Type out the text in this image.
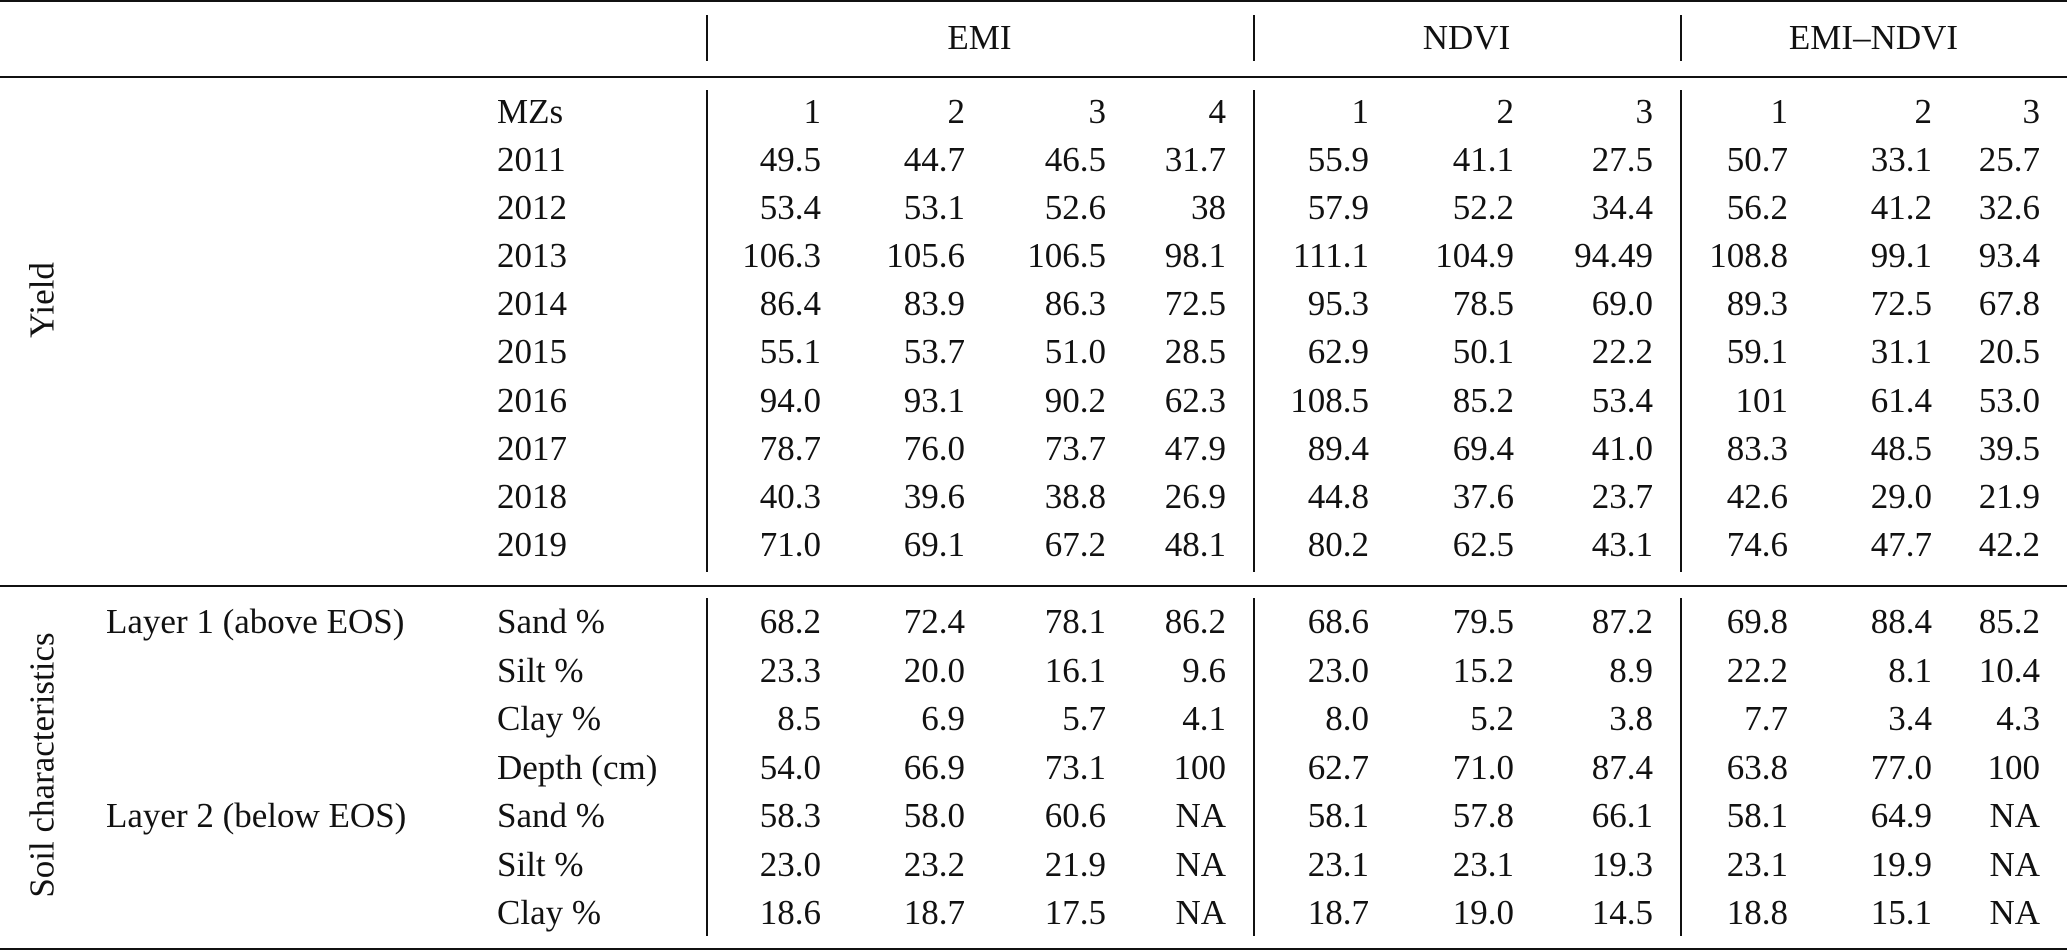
EMI	NDVI	EMI–NDVI
Yield
Soil characteristics
MZs	1	2	3	4	1	2	3	1	2	3
2011	49.5	44.7	46.5	31.7	55.9	41.1	27.5	50.7	33.1	25.7
2012	53.4	53.1	52.6	38	57.9	52.2	34.4	56.2	41.2	32.6
2013	106.3	105.6	106.5	98.1	111.1	104.9	94.49	108.8	99.1	93.4
2014	86.4	83.9	86.3	72.5	95.3	78.5	69.0	89.3	72.5	67.8
2015	55.1	53.7	51.0	28.5	62.9	50.1	22.2	59.1	31.1	20.5
2016	94.0	93.1	90.2	62.3	108.5	85.2	53.4	101	61.4	53.0
2017	78.7	76.0	73.7	47.9	89.4	69.4	41.0	83.3	48.5	39.5
2018	40.3	39.6	38.8	26.9	44.8	37.6	23.7	42.6	29.0	21.9
2019	71.0	69.1	67.2	48.1	80.2	62.5	43.1	74.6	47.7	42.2
Layer 1 (above EOS)	Sand %	68.2	72.4	78.1	86.2	68.6	79.5	87.2	69.8	88.4	85.2
Silt %	23.3	20.0	16.1	9.6	23.0	15.2	8.9	22.2	8.1	10.4
Clay %	8.5	6.9	5.7	4.1	8.0	5.2	3.8	7.7	3.4	4.3
Depth (cm)	54.0	66.9	73.1	100	62.7	71.0	87.4	63.8	77.0	100
Layer 2 (below EOS)	Sand %	58.3	58.0	60.6	NA	58.1	57.8	66.1	58.1	64.9	NA
Silt %	23.0	23.2	21.9	NA	23.1	23.1	19.3	23.1	19.9	NA
Clay %	18.6	18.7	17.5	NA	18.7	19.0	14.5	18.8	15.1	NA
